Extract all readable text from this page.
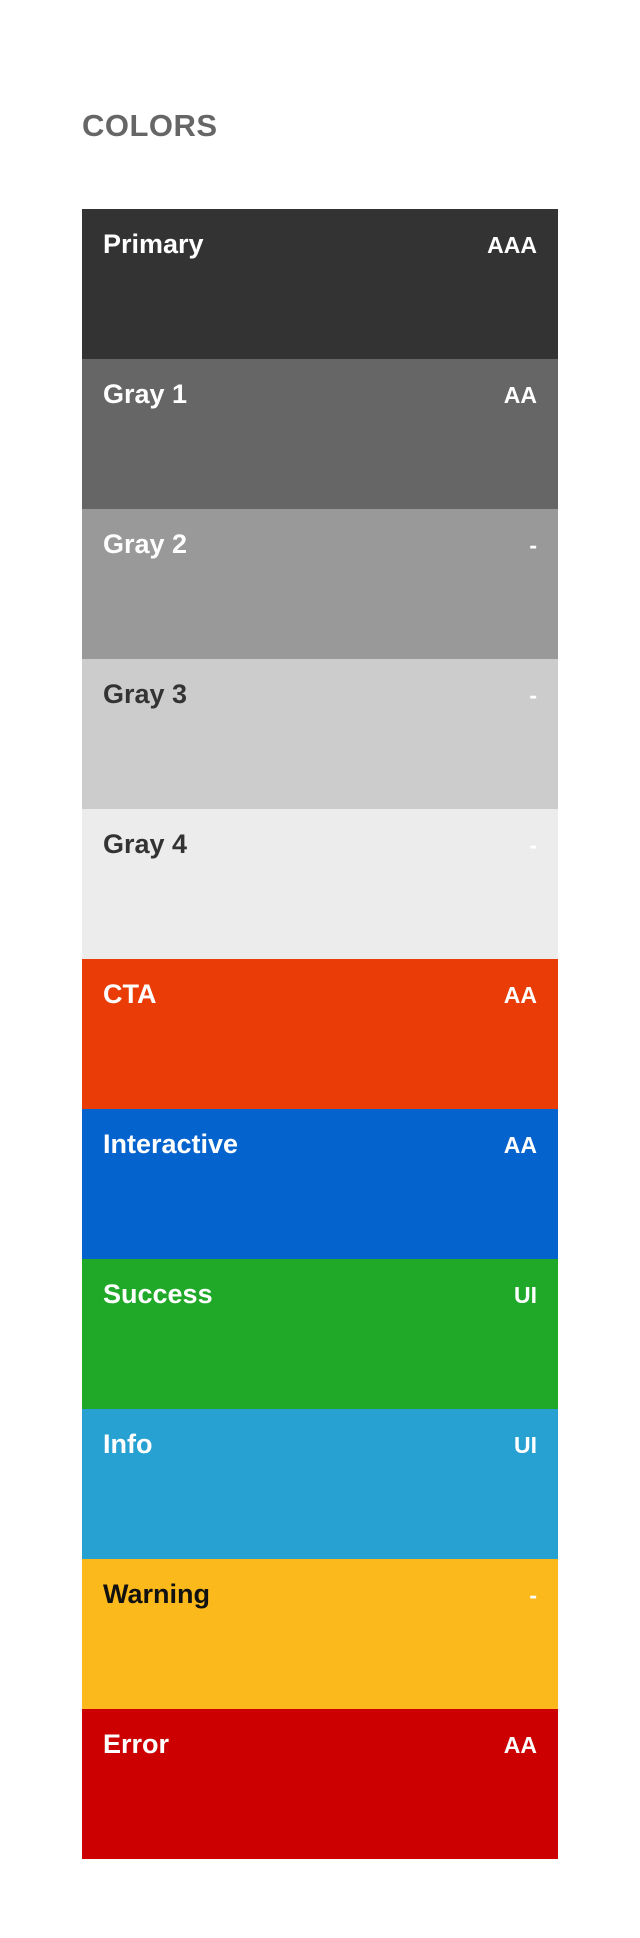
COLORS
Primary	AAA
Gray 1	AA
Gray 2	-
Gray 3	-
Gray 4	-
CTA	AA
Interactive	AA
Success	UI
Info	UI
Warning	-
Error	AA
